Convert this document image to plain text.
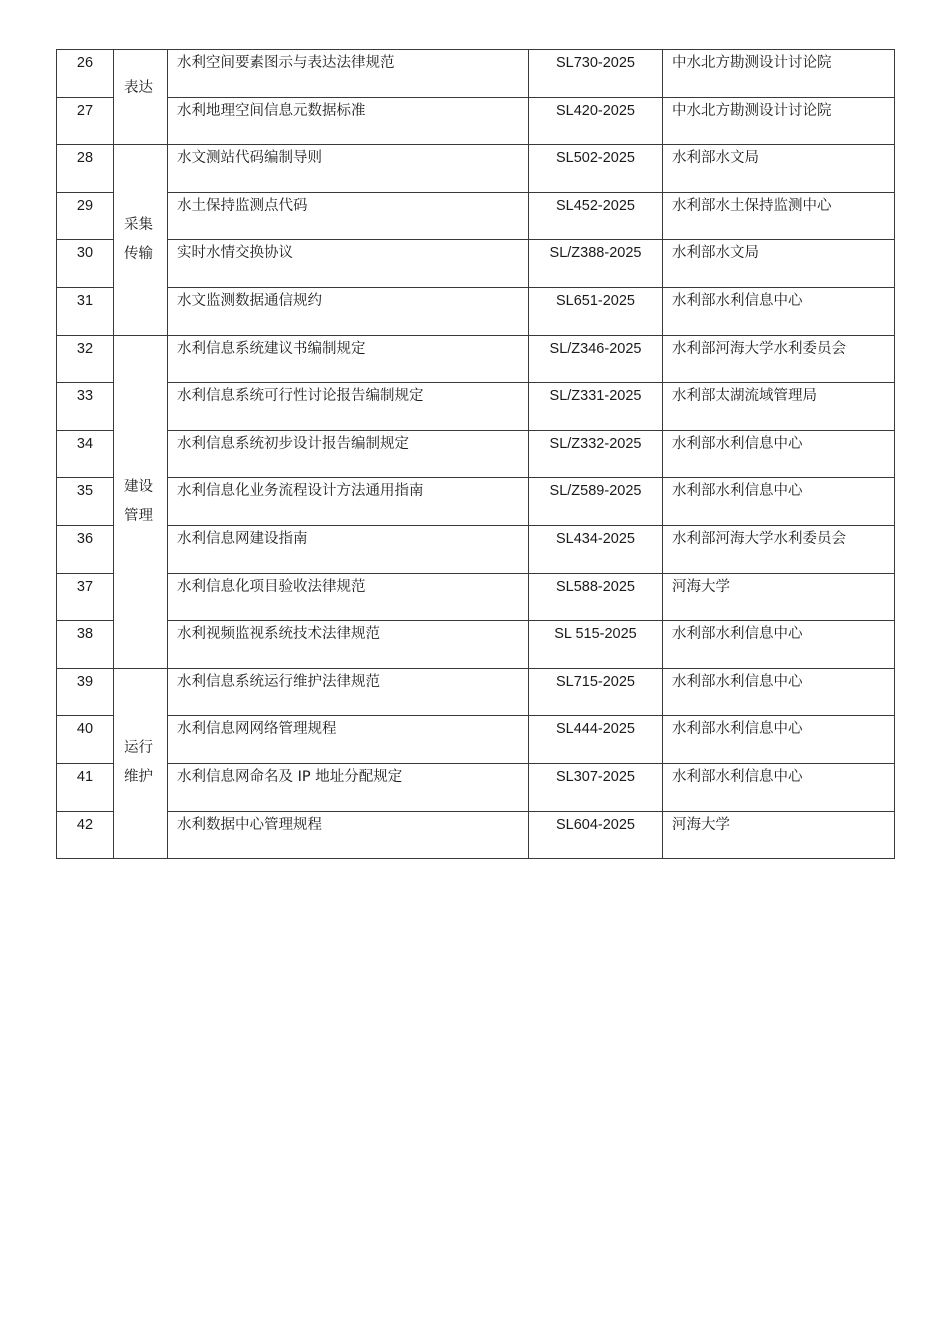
26	表达	水利空间要素图示与表达法律规范	SL730-2025	中水北方勘测设计讨论院
27		水利地理空间信息元数据标准	SL420-2025	中水北方勘测设计讨论院
28	采集传输	水文测站代码编制导则	SL502-2025	水利部水文局
29		水土保持监测点代码	SL452-2025	水利部水土保持监测中心
30		实时水情交换协议	SL/Z388-2025	水利部水文局
31		水文监测数据通信规约	SL651-2025	水利部水利信息中心
32	建设管理	水利信息系统建议书编制规定	SL/Z346-2025	水利部河海大学水利委员会
33		水利信息系统可行性讨论报告编制规定	SL/Z331-2025	水利部太湖流域管理局
34		水利信息系统初步设计报告编制规定	SL/Z332-2025	水利部水利信息中心
35		水利信息化业务流程设计方法通用指南	SL/Z589-2025	水利部水利信息中心
36		水利信息网建设指南	SL434-2025	水利部河海大学水利委员会
37		水利信息化项目验收法律规范	SL588-2025	河海大学
38		水利视频监视系统技术法律规范	SL 515-2025	水利部水利信息中心
39	运行维护	水利信息系统运行维护法律规范	SL715-2025	水利部水利信息中心
40		水利信息网网络管理规程	SL444-2025	水利部水利信息中心
41		水利信息网命名及 IP 地址分配规定	SL307-2025	水利部水利信息中心
42		水利数据中心管理规程	SL604-2025	河海大学
